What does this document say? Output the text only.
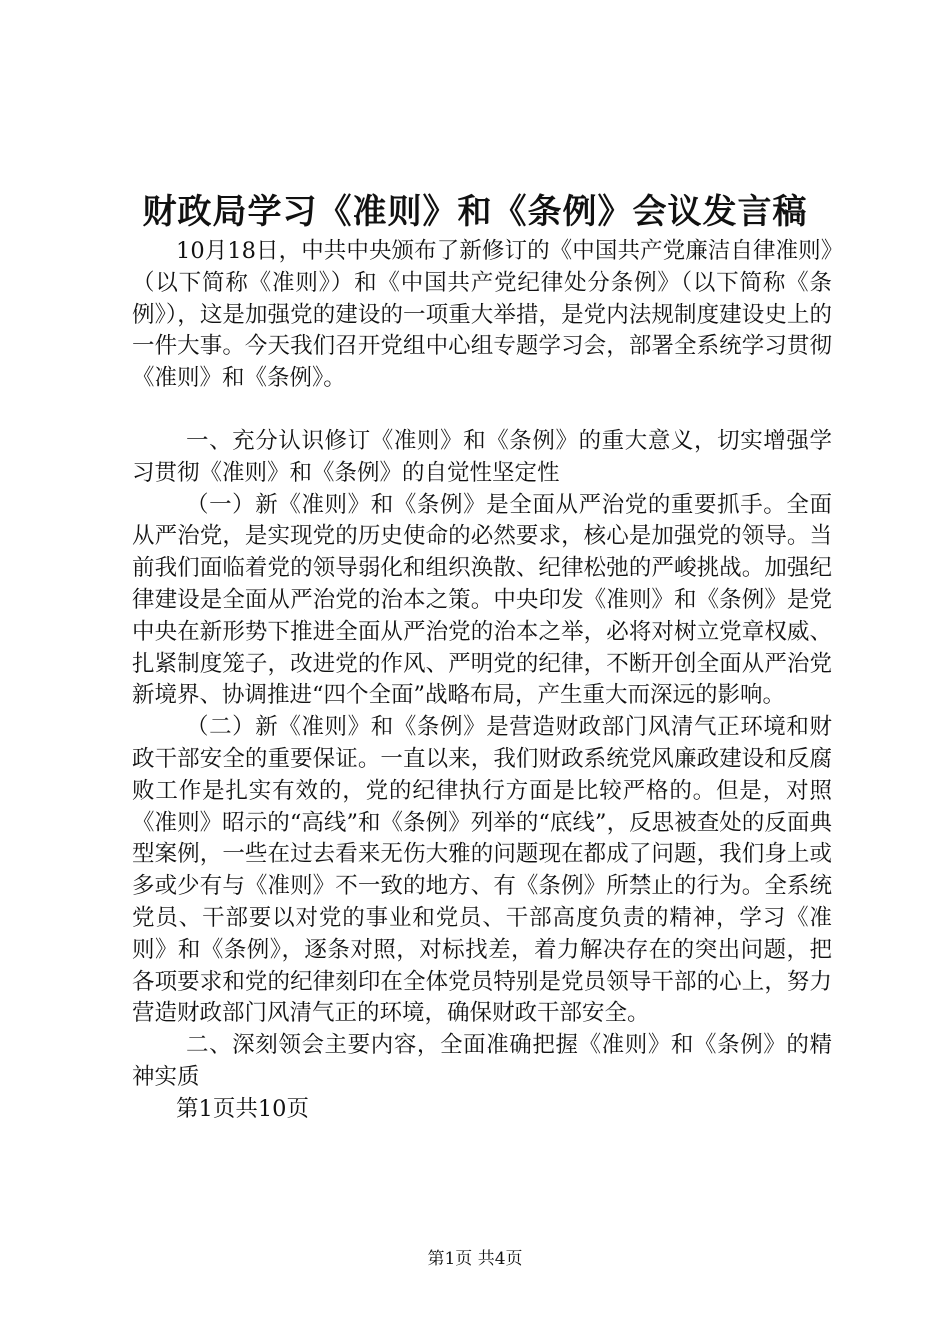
财政局学习《准则》和《条例》会议发言稿

10月18日，中共中央颁布了新修订的《中国共产党廉洁自律准则》（以下简称《准则》）和《中国共产党纪律处分条例》（以下简称《条例》），这是加强党的建设的一项重大举措，是党内法规制度建设史上的一件大事。今天我们召开党组中心组专题学习会，部署全系统学习贯彻《准则》和《条例》。

一、充分认识修订《准则》和《条例》的重大意义，切实增强学习贯彻《准则》和《条例》的自觉性坚定性

（一）新《准则》和《条例》是全面从严治党的重要抓手。全面从严治党，是实现党的历史使命的必然要求，核心是加强党的领导。当前我们面临着党的领导弱化和组织涣散、纪律松弛的严峻挑战。加强纪律建设是全面从严治党的治本之策。中央印发《准则》和《条例》是党中央在新形势下推进全面从严治党的治本之举，必将对树立党章权威、扎紧制度笼子，改进党的作风、严明党的纪律，不断开创全面从严治党新境界、协调推进“四个全面”战略布局，产生重大而深远的影响。

（二）新《准则》和《条例》是营造财政部门风清气正环境和财政干部安全的重要保证。一直以来，我们财政系统党风廉政建设和反腐败工作是扎实有效的，党的纪律执行方面是比较严格的。但是，对照《准则》昭示的“高线”和《条例》列举的“底线”，反思被查处的反面典型案例，一些在过去看来无伤大雅的问题现在都成了问题，我们身上或多或少有与《准则》不一致的地方、有《条例》所禁止的行为。全系统党员、干部要以对党的事业和党员、干部高度负责的精神，学习《准则》和《条例》，逐条对照，对标找差，着力解决存在的突出问题，把各项要求和党的纪律刻印在全体党员特别是党员领导干部的心上，努力营造财政部门风清气正的环境，确保财政干部安全。

二、深刻领会主要内容，全面准确把握《准则》和《条例》的精神实质

第1页共10页

第1页 共4页
